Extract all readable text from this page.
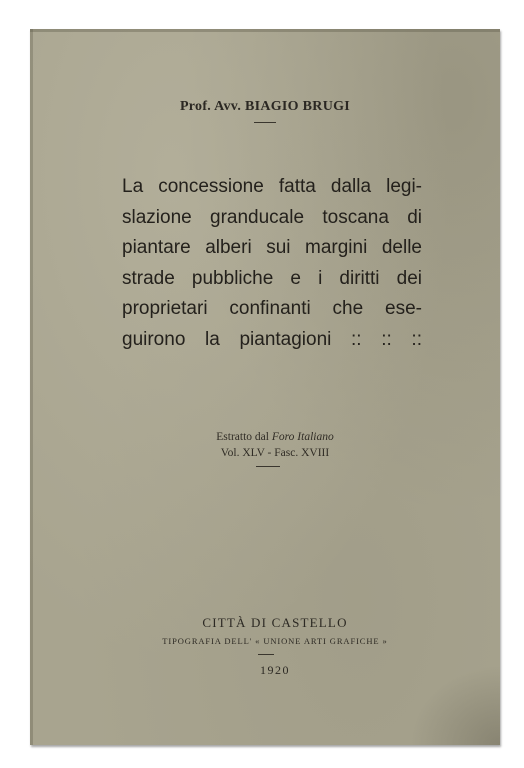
Prof. Avv. BIAGIO BRUGI
La concessione fatta dalla legi-
slazione granducale toscana di
piantare alberi sui margini delle
strade pubbliche e i diritti dei
proprietari confinanti che ese-
guirono la piantagioni :: :: ::
Estratto dal Foro Italiano
Vol. XLV - Fasc. XVIII
CITTÀ DI CASTELLO
TIPOGRAFIA DELL' « UNIONE ARTI GRAFICHE »
1920
